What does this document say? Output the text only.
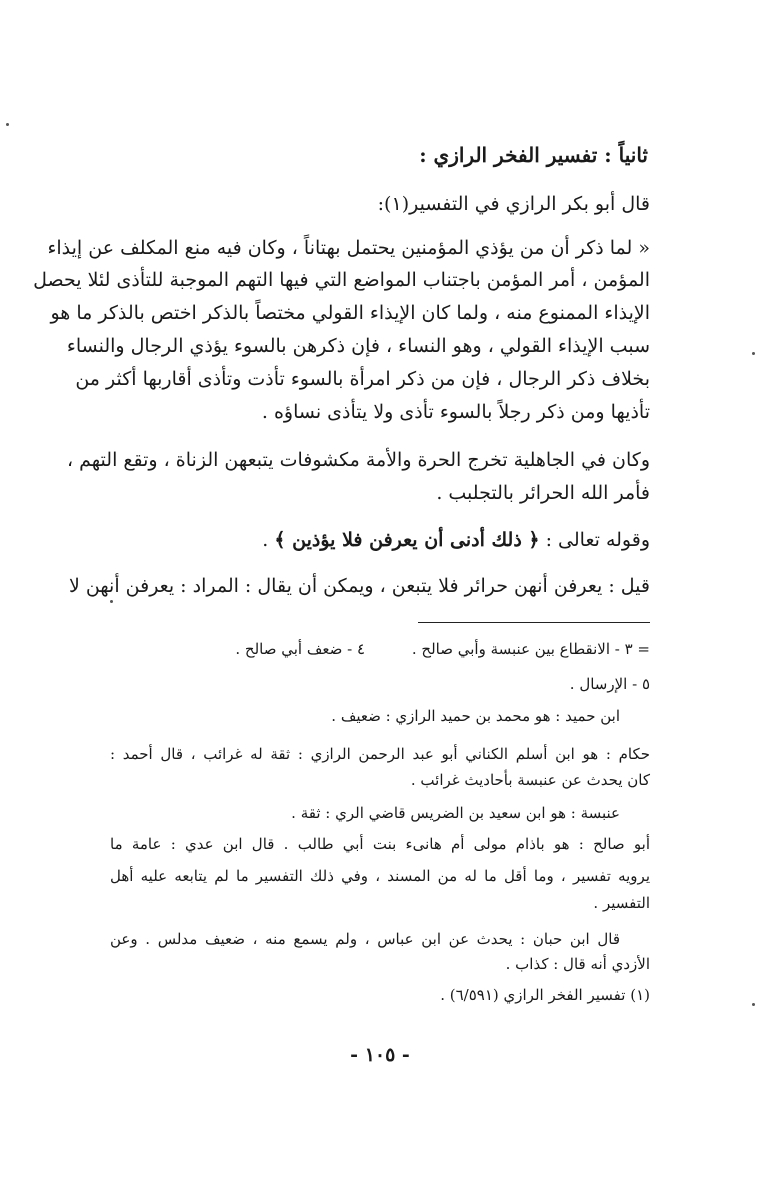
ثانياً : تفسير الفخر الرازي :
قال أبو بكر الرازي في التفسير(١):
« لما ذكر أن من يؤذي المؤمنين يحتمل بهتاناً ، وكان فيه منع المكلف عن إيذاء
المؤمن ، أمر المؤمن باجتناب المواضع التي فيها التهم الموجبة للتأذى لئلا يحصل
الإيذاء الممنوع منه ، ولما كان الإيذاء القولي مختصاً بالذكر اختص بالذكر ما هو
سبب الإيذاء القولي ، وهو النساء ، فإن ذكرهن بالسوء يؤذي الرجال والنساء
بخلاف ذكر الرجال ، فإن من ذكر امرأة بالسوء تأذت وتأذى أقاربها أكثر من
تأذيها ومن ذكر رجلاً بالسوء تأذى ولا يتأذى نساؤه .
وكان في الجاهلية تخرج الحرة والأمة مكشوفات يتبعهن الزناة ، وتقع التهم ،
فأمر الله الحرائر بالتجلبب .
وقوله تعالى : ﴿ ذلك أدنى أن يعرفن فلا يؤذين ﴾ .
قيل : يعرفن أنهن حرائر فلا يتبعن ، ويمكن أن يقال : المراد : يعرفن أنهن لا
= ٣ - الانقطاع بين عنبسة وأبي صالح .
٤ - ضعف أبي صالح .
٥ - الإرسال .
ابن حميد : هو محمد بن حميد الرازي : ضعيف .
حكام : هو ابن أسلم الكناني أبو عبد الرحمن الرازي : ثقة له غرائب ، قال أحمد :
كان يحدث عن عنبسة بأحاديث غرائب .
عنبسة : هو ابن سعيد بن الضريس قاضي الري : ثقة .
أبو صالح : هو باذام مولى أم هانىء بنت أبي طالب . قال ابن عدي : عامة ما
يرويه تفسير ، وما أقل ما له من المسند ، وفي ذلك التفسير ما لم يتابعه عليه أهل
التفسير .
قال ابن حبان : يحدث عن ابن عباس ، ولم يسمع منه ، ضعيف مدلس . وعن
الأزدي أنه قال : كذاب .
(١) تفسير الفخر الرازي (٦/٥٩١) .
- ١٠٥ -
